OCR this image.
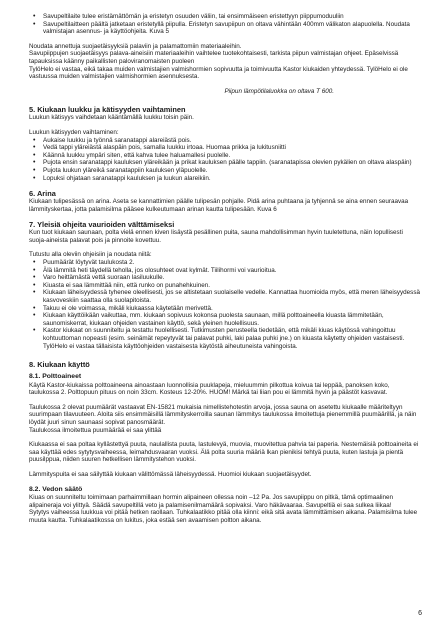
• Savupeltilaite tulee eristämättömän ja eristetyn osuuden väliin, tai ensimmäiseen eristettyyn piippumoduuliin
• Savupeltilaitteen päältä jatketaan eristetyllä piipulla. Eristetyn savupiipun on oltava vähintään 400mm välikaton alapuolella. Noudata valmistajan asennus- ja käyttöohjeita. Kuva 5

Noudata annettuja suojaetäisyyksiä palaviin ja palamattomiin materiaaleihin.

Savupiippujen suojaetäisyys palava-aineisiin materiaaleihin vaihtelee tuotekohtaisesti, tarkista piipun valmistajan ohjeet. Epäselvissä tapauksissa käänny paikallisten paloviranomaisten puoleen

TylöHelo ei vastaa, eikä takaa muiden valmistajien valmishormien sopivuutta ja toimivuutta Kastor kiukaiden yhteydessä. TylöHelo ei ole vastuussa muiden valmistajien valmishormien asennuksesta.

Piipun lämpötilaluokka on oltava T 600.

5. Kiukaan luukku ja kätisyyden vaihtaminen

Luukun kätisyys vaihdetaan kääntämällä luukku toisin päin.

Luukun kätisyyden vaihtaminen:

• Aukaise luukku ja työnnä saranatappi alareiästä pois.
• Vedä tappi yläreiästä alaspäin pois, samalla luukku irtoaa. Huomaa prikka ja lukitusniitti
• Käännä luukku ympäri siten, että kahva tulee haluamallesi puolelle.
• Pujota ensin saranatappi kauluksen yläreikään ja prikat kauluksen päälle tappiin. (saranatapissa olevien pykälien on oltava alaspäin)
• Pujota luukun yläreikä saranatappiin kauluksen yläpuolelle.
• Lopuksi ohjataan saranatappi kauluksen ja luukun alareikiin.
6. Arina

Kiukaan tulipesässä on arina. Aseta se kannattimien päälle tulipesän pohjalle. Pidä arina puhtaana ja tyhjennä se aina ennen seuraavaa lämmityskertaa, jotta palamisilma pääsee kulkeutumaan arinan kautta tulipesään. Kuva 6

7. Yleisiä ohjeita vaurioiden välttämiseksi

Kun tuot kiukaan saunaan, polta vielä ennen kiven lisäystä pesällinen puita, sauna mahdollisimman hyvin tuuletettuna, näin lopullisesti suoja-aineista palavat pois ja pinnoite kovettuu.

Tutustu alla oleviin ohjeisiin ja noudata niitä:

• Puumäärät löytyvät taulukosta 2.
• Älä lämmitä heti täydellä teholla, jos olosuhteet ovat kylmät. Tiilihormi voi vaurioitua.
• Varo heittämästä vettä suoraan lasiluukulle.
• Kiuasta ei saa lämmittää niin, että runko on punahehkuinen.
• Kiukaan läheisyydessä tyhenee oleellisesti, jos se altistetaan suolaiselle vedelle. Kannattaa huomioida myös, että meren läheisyydessä kasvoveskiin saattaa olla suolapitoista.
• Takuu ei ole voimassa, mikäli kiukaassa käytetään merivettä.
• Kiukaan käyttöikään vaikuttaa, mm. kiukaan sopivuus kokonsa puolesta saunaan, millä polttoaineella kiuasta lämmitetään, saunomiskerrat, kiukaan ohjeiden vastainen käyttö, sekä yleinen huolellisuus.
• Kastor kiukaat on suunniteltu ja testattu huolellisesti. Tutkimusten perusteella tiedetään, että mikäli kiuas käytössä vahingoittuu kohtuuttoman nopeasti (esim. seinämät repeytyvät tai palavat puhki, laki palaa puhki jne.) on kiuasta käytetty ohjeiden vastaisesti. TylöHelo ei vastaa tällaisista käyttöohjeiden vastaisesta käytöstä aiheutuneista vahingoista.
8. Kiukaan käyttö
8.1. Polttoaineet

Käytä Kastor-kiukaissa polttoaineena ainoastaan luonnollisia puuklapeja, mieluummin pilkottua koivua tai leppää, panoksen koko, taulukossa 2. Polttopuun pituus on noin 33cm. Kosteus 12-20%. HUOM! Märkä tai liian pou ei lämmitä hyvin ja päästöt kasvavat.

Taulukossa 2 olevat puumäärät vastaavat EN-15821 mukaisia nimellistehotestin arvoja, jossa sauna on asetettu kiukaalle määriteltyyn suurimpaan tilavuuteen. Aloita siis ensimmäisillä lämmityskerroilla saunan lämmitys taulukossa ilmoitettuja pienemmillä puumäärillä, ja näin löydät juuri sinun saunaasi sopivat panosmäärät.

Taulukossa ilmoitettua puumäärää ei saa ylittää

Kiukaassa ei saa poltaa kyllästettyä puuta, naulallista puuta, lastulevyä, muovia, muovitettua pahvia tai paperia. Nestemäisiä polttoaineita ei saa käyttää edes sytytysvaiheessa, leimahdusvaaran vuoksi. Älä polta suuria määriä lkan pienikisi tehtyä puuta, kuten lastuja ja pientä puusilppua, niiden suuren hetkellisen lämmitystehon vuoksi.

Lämmityspuita ei saa säilyttää kiukaan välittömässä läheisyydessä. Huomioi kiukaan suojaetäisyydet.

8.2. Vedon säätö

Kiuas on suunniteltu toimimaan parhaimmillaan hormin alipaineen ollessa noin –12 Pa. Jos savupiippu on pitkä, tämä optimaalinen alipaineraja voi ylittyä. Säädä savupeltillä veto ja palamisenilmamäärä sopivaksi. Varo häkävaaraa. Savupeltiä ei saa sulkea liikaa!

Sytytys vaiheessa luukkua voi pitää hetken raollaan. Tuhkalaatikko pitää olla kiinni: eikä sitä avata lämmittämisen aikana. Palamisilma tulee muuta kautta. Tuhkalaatikossa on lukitus, joka estää sen avaamisen poltton aikana.

6
